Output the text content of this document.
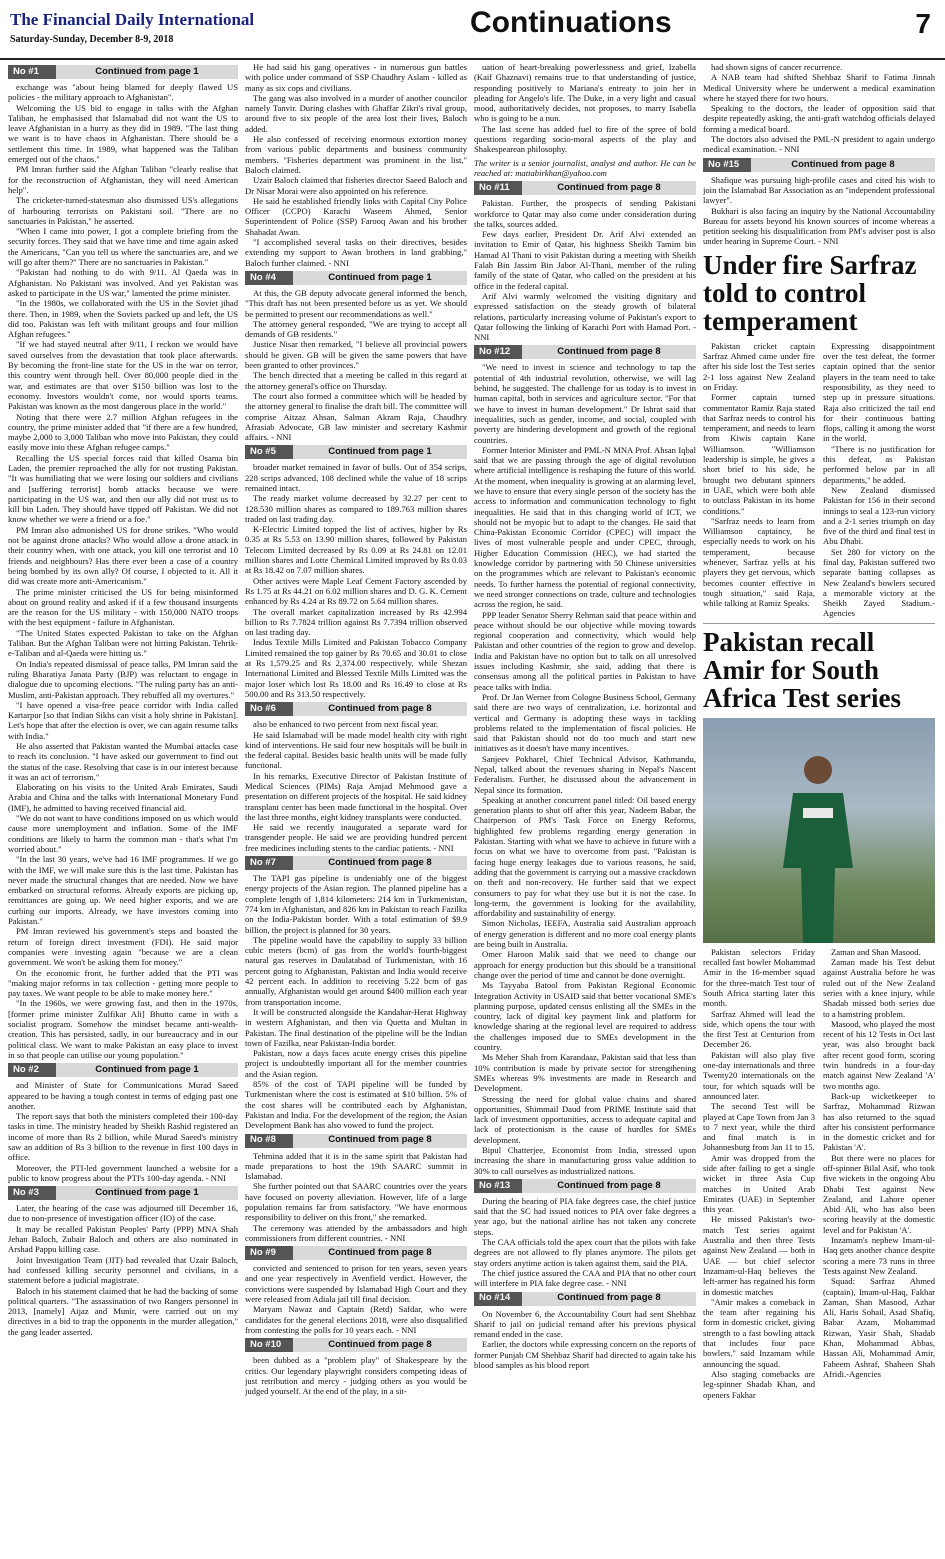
The Financial Daily International
Saturday-Sunday, December 8-9, 2018
Continuations	7
No #1	Continued from page 1

exchange was "about being blamed for deeply flawed US policies - the military approach to Afghanistan".

Welcoming the US bid to engage in talks with the Afghan Taliban, he emphasised that Islamabad did not want the US to leave Afghanistan in a hurry as they did in 1989. "The last thing we want is to have chaos in Afghanistan. There should be a settlement this time. In 1989, what happened was the Taliban emerged out of the chaos."

PM Imran further said the Afghan Taliban "clearly realise that for the reconstruction of Afghanistan, they will need American help".

The cricketer-turned-statesman also dismissed US's allegations of harbouring terrorists on Pakistani soil. "There are no sanctuaries in Pakistan," he asserted.

"When I came into power, I got a complete briefing from the security forces. They said that we have time and time again asked the Americans, "Can you tell us where the sanctuaries are, and we will go after them?" There are no sanctuaries in Pakistan."

"Pakistan had nothing to do with 9/11. Al Qaeda was in Afghanistan. No Pakistani was involved. And yet Pakistan was asked to participate in the US war," lamented the prime minister.

"In the 1980s, we collaborated with the US in the Soviet jihad there. Then, in 1989, when the Soviets packed up and left, the US did too. Pakistan was left with militant groups and four million Afghan refugees."

"If we had stayed neutral after 9/11, I reckon we would have saved ourselves from the devastation that took place afterwards. By becoming the front-line state for the US in the war on terror, this country went through hell. Over 80,000 people died in the war, and estimates are that over $150 billion was lost to the economy. Investors wouldn't come, nor would sports teams. Pakistan was known as the most dangerous place in the world."

Noting that there were 2.7 million Afghan refugees in the country, the prime minister added that "if there are a few hundred, maybe 2,000 to 3,000 Taliban who move into Pakistan, they could easily move into these Afghan refugee camps."

Recalling the US special forces raid that killed Osama bin Laden, the premier reproached the ally for not trusting Pakistan. "It was humiliating that we were losing our soldiers and civilians and [suffering terrorist] bomb attacks because we were participating in the US war, and then our ally did not trust us to kill bin Laden. They should have tipped off Pakistan. We did not know whether we were a friend or a foe."

PM Imran also admonished US for drone strikes. "Who would not be against drone attacks? Who would allow a drone attack in their country when, with one attack, you kill one terrorist and 10 friends and neighbours? Has there ever been a case of a country being bombed by its own ally? Of course, I objected to it. All it did was create more anti-Americanism."

The prime minister criticised the US for being misinformed about on ground reality and asked if if a few thousand insurgents are the reason for the US military - with 150,000 NATO troops with the best equipment - failure in Afghanistan.

"The United States expected Pakistan to take on the Afghan Taliban. But the Afghan Taliban were not hitting Pakistan. Tehrik-e-Taliban and al-Qaeda were hitting us."

On India's repeated dismissal of peace talks, PM Imran said the ruling Bharatiya Janata Party (BJP) was reluctant to engage in dialogue due to upcoming elections. "The ruling party has an anti-Muslim, anti-Pakistan approach. They rebuffed all my overtures."

"I have opened a visa-free peace corridor with India called Kartarpur [so that Indian Sikhs can visit a holy shrine in Pakistan]. Let's hope that after the election is over, we can again resume talks with India."

He also asserted that Pakistan wanted the Mumbai attacks case to reach its conclusion. "I have asked our government to find out the status of the case. Resolving that case is in our interest because it was an act of terrorism."

Elaborating on his visits to the United Arab Emirates, Saudi Arabia and China and the talks with International Monetary Fund (IMF), he admitted to having received financial aid.

"We do not want to have conditions imposed on us which would cause more unemployment and inflation. Some of the IMF conditions are likely to harm the common man - that's what I'm worried about."

"In the last 30 years, we've had 16 IMF programmes. If we go with the IMF, we will make sure this is the last time. Pakistan has never made the structural changes that are needed. Now we have embarked on structural reforms. Already exports are picking up, remittances are going up. We need higher exports, and we are curbing our imports. Already, we have investors coming into Pakistan."

PM Imran reviewed his government's steps and boasted the return of foreign direct investment (FDI). He said major companies were investing again "because we are a clean government. We won't be asking them for money."

On the economic front, he further added that the PTI was "making major reforms in tax collection - getting more people to pay taxes. We want people to be able to make money here."

"In the 1960s, we were growing fast, and then in the 1970s, [former prime minister Zulfikar Ali] Bhutto came in with a socialist program. Somehow the mindset became anti-wealth-creation. This has persisted, sadly, in our bureaucracy and in our political class. We want to make Pakistan an easy place to invest in so that people can utilise our young population."

No #2	Continued from page 1

and Minister of State for Communications Murad Saeed appeared to be having a tough contest in terms of edging past one another.

The report says that both the ministers completed their 100-day tasks in time. The ministry headed by Sheikh Rashid registered an income of more than Rs 2 billion, while Murad Saeed's ministry saw an addition of Rs 3 billion to the revenue in first 100 days in office.

Moreover, the PTI-led government launched a website for a public to know progress about the PTI's 100-day agenda. - NNI

No #3	Continued from page 1

Later, the hearing of the case was adjourned till December 16, due to non-presence of investigation officer (IO) of the case.

It may be recalled Pakistan Peoples' Party (PPP) MNA Shah Jehan Baloch, Zubair Baloch and others are also nominated in Arshad Pappu killing case.

Joint Investigation Team (JIT) had revealed that Uzair Baloch, had confessed killing security personnel and civilians, in a statement before a judicial magistrate.

Baloch in his statement claimed that he had the backing of some political quarters. "The assassination of two Rangers personnel in 2013, [namely] Aijaz and Munir, were carried out on my directives in a bid to trap the opponents in the murder allegation," the gang leader asserted.

He had said his gang operatives - in numerous gun battles with police under command of SSP Chaudhry Aslam - killed as many as six cops and civilians.

The gang was also involved in a murder of another councilor namely Tanvir. During clashes with Ghaffar Zikri's rival group, around five to six people of the area lost their lives, Baloch added.

He also confessed of receiving enormous extortion money from various public departments and business community members. "Fisheries department was prominent in the list," Baloch claimed.

Uzair Baloch claimed that fisheries director Saeed Baloch and Dr Nisar Morai were also appointed on his reference.

He said he established friendly links with Capital City Police Officer (CCPO) Karachi Waseem Ahmed, Senior Superintendent of Police (SSP) Farooq Awan and his brother Shahadat Awan.

"I accomplished several tasks on their directives, besides extending my support to Awan brothers in land grabbing," Baloch further claimed. - NNI

No #4	Continued from page 1

At this, the GB deputy advocate general informed the bench, "This draft has not been presented before us as yet. We should be permitted to present our recommendations as well."

The attorney general responded, "We are trying to accept all demands of GB residents."

Justice Nisar then remarked, "I believe all provincial powers should be given. GB will be given the same powers that have been granted to other provinces."

The bench directed that a meeting be called in this regard at the attorney general's office on Thursday.

The court also formed a committee which will be headed by the attorney general to finalise the draft bill. The committee will comprise Aitzaz Ahsan, Salman Akram Raja, Chaudhry Afrasiab Advocate, GB law minister and secretary Kashmir affairs. - NNI

No #5	Continued from page 1

broader market remained in favor of bulls. Out of 354 scrips, 228 scrips advanced, 108 declined while the value of 18 scrips remained intact.

The ready market volume decreased by 32.27 per cent to 128.530 million shares as compared to 189.763 million shares traded on last trading day.

K-Electric Limited topped the list of actives, higher by Rs 0.35 at Rs 5.53 on 13.90 million shares, followed by Pakistan Telecom Limited decreased by Rs 0.09 at Rs 24.81 on 12.01 million shares and Lotte Chemical Limited improved by Rs 0.03 at Rs 18.42 on 7.07 million shares.

Other actives were Maple Leaf Cement Factory ascended by Rs 1.75 at Rs 44.21 on 6.02 million shares and D. G. K. Cement enhanced by Rs 4.24 at Rs 89.72 on 5.64 million shares.

The overall market capitalization increased by Rs 42.994 billion to Rs 7.7824 trillion against Rs 7.7394 trillion observed on last trading day.

Indus Textile Mills Limited and Pakistan Tobacco Company Limited remained the top gainer by Rs 70.65 and 30.01 to close at Rs 1,579.25 and Rs 2,374.00 respectively, while Shezan International Limited and Blessed Textile Mills Limited was the major loser which lost Rs 18.00 and Rs 16.49 to close at Rs 500.00 and Rs 313.50 respectively.

No #6	Continued from page 8

also be enhanced to two percent from next fiscal year.

He said Islamabad will be made model health city with right kind of interventions. He said four new hospitals will be built in the federal capital. Besides basic health units will be made fully functional.

In his remarks, Executive Director of Pakistan Institute of Medical Sciences (PIMs) Raja Amjad Mehmood gave a presentation on different projects of the hospital. He said kidney transplant center has been made functional in the hospital. Over the last three months, eight kidney transplants were conducted.

He said we recently inaugurated a separate ward for transgender people. He said we are providing hundred percent free medicines including stents to the cardiac patients. - NNI

No #7	Continued from page 8

The TAPI gas pipeline is undeniably one of the biggest energy projects of the Asian region. The planned pipeline has a complete length of 1,814 kilometers: 214 km in Turkmenistan, 774 km in Afghanistan, and 826 km in Pakistan to reach Fazilka on the India-Pakistan border. With a total estimation of $9.9 billion, the project is planned for 30 years.

The pipeline would have the capability to supply 33 billion cubic meters (bcm) of gas from the world's fourth-biggest natural gas reserves in Daulatabad of Turkmenistan, with 16 percent going to Afghanistan, Pakistan and India would receive 42 percent each. In addition to receiving 5.22 bcm of gas annually, Afghanistan would get around $400 million each year from transportation income.

It will be constructed alongside the Kandahar-Herat Highway in western Afghanistan, and then via Quetta and Multan in Pakistan. The final destination of the pipeline will be the Indian town of Fazilka, near Pakistan-India border.

Pakistan, now a days faces acute energy crises this pipeline project is undoubtedly important all for the member countries and the Asian region.

85% of the cost of TAPI pipeline will be funded by Turkmenistan where the cost is estimated at $10 billion. 5% of the cost shares will be contributed each by Afghanistan, Pakistan and India. For the development of the region, the Asian Development Bank has also vowed to fund the project.

No #8	Continued from page 8

Tehmina added that it is in the same spirit that Pakistan had made preparations to host the 19th SAARC summit in Islamabad.

She further pointed out that SAARC countries over the years have focused on poverty alleviation. However, life of a large population remains far from satisfactory. "We have enormous responsibility to deliver on this front," she remarked.

The ceremony was attended by the ambassadors and high commissioners from different countries. - NNI

No #9	Continued from page 8

convicted and sentenced to prison for ten years, seven years and one year respectively in Avenfield verdict. However, the convictions were suspended by Islamabad High Court and they were released from Adiala jail till final decision.

Maryam Nawaz and Captain (Retd) Safdar, who were candidates for the general elections 2018, were also disqualified from contesting the polls for 10 years each. - NNI

No #10	Continued from page 8

been dubbed as a "problem play" of Shakespeare by the critics. Our legendary playwright considers competing ideas of just retribution and mercy - judging others as you would be judged yourself. At the end of the play, in a sit-

uation of heart-breaking powerlessness and grief, Izabella (Kaif Ghaznavi) remains true to that understanding of justice, responding positively to Mariana's entreaty to join her in pleading for Angelo's life. The Duke, in a very light and casual mood, authoritatively decides, not proposes, to marry Isabella who is going to be a nun.

The last scene has added fuel to fire of the spree of bold questions regarding socio-moral aspects of the play and Shakespearean philosophy.

The writer is a senior journalist, analyst and author. He can be reached at: mattabirkhan@yahoo.com

No #11	Continued from page 8

Pakistan. Further, the prospects of sending Pakistani workforce to Qatar may also come under consideration during the talks, sources added.

Few days earlier, President Dr. Arif Alvi extended an invitation to Emir of Qatar, his highness Sheikh Tamim bin Hamad Al Thani to visit Pakistan during a meeting with Sheikh Falah Bin Jassim Bin Jabor Al-Thani, member of the ruling family of the state of Qatar, who called on the president at his office in the federal capital.

Arif Alvi warmly welcomed the visiting dignitary and expressed satisfaction on the steady growth of bilateral relations, particularly increasing volume of Pakistan's export to Qatar following the linking of Karachi Port with Hamad Port. - NNI

No #12	Continued from page 8

"We need to invest in science and technology to tap the potential of 4th industrial revolution, otherwise, we will lag behind, he suggested. The challenge for us today is to invest in human capital, both in services and agriculture sector. "For that we have to invest in human development." Dr Ishrat said that inequalities, such as gender, income, and social, coupled with poverty are hindering development and growth of the regional countries.

Former Interior Minister and PML-N MNA Prof. Ahsan Iqbal said that we are passing through the age of digital revolution where artificial intelligence is reshaping the future of this world. At the moment, when inequality is growing at an alarming level, we have to ensure that every single person of the society has the access to information and communication technology to fight inequalities. He said that in this changing world of ICT, we should not be myopic but to adapt to the changes. He said that China-Pakistan Economic Corridor (CPEC) will impact the lives of most vulnerable people and under CPEC, through, Higher Education Commission (HEC), we had started the knowledge corridor by partnering with 50 Chinese universities on the programmes which are relevant to Pakistan's economic needs. To further harness the potential of regional connectivity, we need stronger connections on trade, culture and technologies across the region, he said.

PPP leader Senator Sherry Rehman said that peace within and peace without should be our objective while moving towards regional cooperation and connectivity, which would help Pakistan and other countries of the region to grow and develop. India and Pakistan have no option but to talk on all unresolved issues including Kashmir, she said, adding that there is consensus among all the political parties in Pakistan to have peace talks with India.

Prof. Dr Jan Werner from Cologne Business School, Germany said there are two ways of centralization, i.e. horizontal and vertical and Germany is adopting these ways in tackling problems related to the implementation of fiscal policies. He said that Pakistan should not do too much and start new initiatives as it doesn't have many incentives.

Sanjeev Pokharel, Chief Technical Advisor, Kathmandu, Nepal, talked about the revenues sharing in Nepal's Nascent Federalism. Further, he discussed about the advancement in Nepal since its formation.

Speaking at another concurrent panel titled: Oil based energy generation plants to shut off after this year, Nadeem Babar, the Chairperson of PM's Task Force on Energy Reforms, highlighted few problems regarding energy generation in Pakistan. Starting with what we have to achieve in future with a focus on what we have to overcome from past. "Pakistan is facing huge energy leakages due to various reasons, he said, adding that the government is carrying out a massive crackdown on theft and non-recovery. He further said that we expect consumers to pay for what they use but it is not the case. In long-term, the government is looking for the availability, affordability and sustainability of energy.

Simon Nicholas, IEEFA, Australia said Australian approach of energy generation is different and no more coal energy plants are being built in Australia.

Omer Haroon Malik said that we need to change our approach for energy production but this should be a transitional change over the period of time and cannot be done overnight.

Ms Tayyaba Batool from Pakistan Regional Economic Integration Activity in USAID said that better vocational SME's planning purpose, updated census enlisting all the SMEs in the country, lack of digital key payment link and platform for knowledge sharing at the regional level are required to address the challenges imposed due to SMEs development in the country.

Ms Meher Shah from Karandaaz, Pakistan said that less than 10% contribution is made by private sector for strengthening SMEs whereas 9% investments are made in Research and Development.

Stressing the need for global value chains and shared opportunities, Shimmail Daud from PRIME Institute said that lack of investment opportunities, access to adequate capital and lack of protectionism is the cause of hurdles for SMEs development.

Bipul Chatterjee, Economist from India, stressed upon increasing the share in manufacturing gross value addition to 30% to call ourselves as industrialized nations.

No #13	Continued from page 8

During the hearing of PIA fake degrees case, the chief justice said that the SC had issued notices to PIA over fake degrees a year ago, but the national airline has not taken any concrete steps.

The CAA officials told the apex court that the pilots with fake degrees are not allowed to fly planes anymore. The pilots get stay orders anytime action is taken against them, said the PIA.

The chief justice assured the CAA and PIA that no other court will interfere in PIA fake degree case. - NNI

No #14	Continued from page 8

On November 6, the Accountability Court had sent Shehbaz Sharif to jail on judicial remand after his previous physical remand ended in the case.

Earlier, the doctors while expressing concern on the reports of former Punjab CM Shehbaz Sharif had directed to again take his blood samples as his blood report

had shown signs of cancer recurrence.

A NAB team had shifted Shehbaz Sharif to Fatima Jinnah Medical University where he underwent a medical examination where he stayed there for two hours.

Speaking to the doctors, the leader of opposition said that despite repeatedly asking, the anti-graft watchdog officials delayed forming a medical board.

The doctors also advised the PML-N president to again undergo medical examination. - NNI

No #15	Continued from page 8

Shafique was pursuing high-profile cases and cited his wish to join the Islamabad Bar Association as an "independent professional lawyer".

Bukhari is also facing an inquiry by the National Accountability Bureau for assets beyond his known sources of income whereas a petition seeking his disqualification from PM's adviser post is also under hearing in Supreme Court. - NNI

Under fire Sarfraz told to control temperament

Pakistan cricket captain Sarfraz Ahmed came under fire after his side lost the Test series 2-1 loss against New Zealand on Friday.

Former captain turned commentator Ramiz Raja stated that Sarfraz needs to control his temperament, and needs to learn from Kiwis captain Kane Williamson. "Williamson leadership is simple, he gives a short brief to his side, he brought two debutant spinners in UAE, which were both able to outclass Pakistan in its home conditions."

"Sarfraz needs to learn from Williamson captaincy, he especially needs to work on his temperament, because whenever, Sarfraz yells at his players they get nervous, which becomes counter effective in tough situation," said Raja, while talking at Ramiz Speaks.

Expressing disappointment over the test defeat, the former captain opined that the senior players in the team need to take responsibility, as they need to step up in pressure situations. Raja also criticized the tail end for their continuous batting flops, calling it among the worst in the world.

"There is no justification for this defeat, as Pakistan performed below par in all departments," he added.

New Zealand dismissed Pakistan for 156 in their second innings to seal a 123-run victory and a 2-1 series triumph on day five of the third and final test in Abu Dhabi.

Set 280 for victory on the final day, Pakistan suffered two separate batting collapses as New Zealand's bowlers secured a memorable victory at the Sheikh Zayed Stadium.-Agencies

Pakistan recall Amir for South Africa Test series

Pakistan selectors Friday recalled fast bowler Mohammad Amir in the 16-member squad for the three-match Test tour of South Africa starting later this month.

Sarfraz Ahmed will lead the side, which opens the tour with the first Test at Centurion from December 26.

Pakistan will also play five one-day internationals and three Twenty20 internationals on the tour, for which squads will be announced later.

The second Test will be played at Cape Town from Jan 3 to 7 next year, while the third and final match is in Johannesburg from Jan 11 to 15.

Amir was dropped from the side after failing to get a single wicket in three Asia Cup matches in United Arab Emirates (UAE) in September this year.

He missed Pakistan's two-match Test series against Australia and then three Tests against New Zealand — both in UAE — but chief selector Inzamam-ul-Haq believes the left-armer has regained his form in domestic matches

"Amir makes a comeback in the team after regaining his form in domestic cricket, giving strength to a fast bowling attack that includes four pace bowlers," said Inzamam while announcing the squad.

Also staging comebacks are leg-spinner Shadab Khan, and openers Fakhar

Zaman and Shan Masood.

Zaman made his Test debut against Australia before he was ruled out of the New Zealand series with a knee injury, while Shadab missed both series due to a hamstring problem.

Masood, who played the most recent of his 12 Tests in Oct last year, was also brought back after recent good form, scoring twin hundreds in a four-day match against New Zealand 'A' two months ago.

Back-up wicketkeeper to Sarfraz, Mohammad Rizwan has also returned to the squad after his consistent performance in the domestic cricket and for Pakistan 'A'.

But there were no places for off-spinner Bilal Asif, who took five wickets in the ongoing Abu Dhabi Test against New Zealand, and Lahore opener Abid Ali, who has also been scoring heavily at the domestic level and for Pakistan 'A'.

Inzamam's nephew Imam-ul-Haq gets another chance despite scoring a mere 73 runs in three Tests against New Zealand.

Squad: Sarfraz Ahmed (captain), Imam-ul-Haq, Fakhar Zaman, Shan Masood, Azhar Ali, Haris Sohail, Asad Shafiq, Babar Azam, Mohammad Rizwan, Yasir Shah, Shadab Khan, Mohammad Abbas, Hassan Ali, Mohammad Amir, Faheem Ashraf, Shaheen Shah Afridi.-Agencies
